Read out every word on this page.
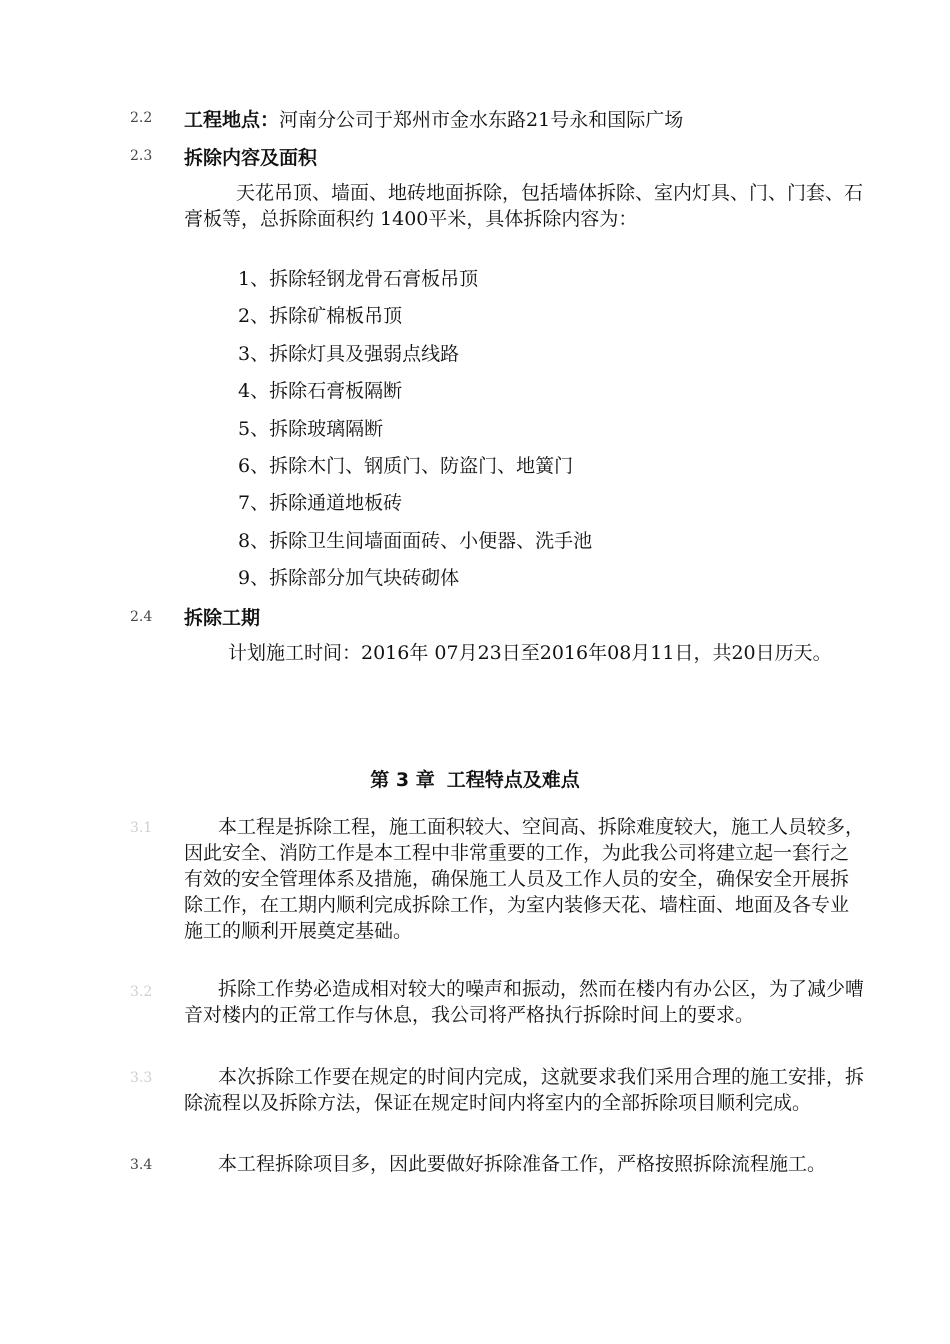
2.2 工程地点：河南分公司于郑州市金水东路21号永和国际广场
2.3 拆除内容及面积
天花吊顶、墙面、地砖地面拆除，包括墙体拆除、室内灯具、门、门套、石膏板等，总拆除面积约 1400平米，具体拆除内容为：
1、拆除轻钢龙骨石膏板吊顶
2、拆除矿棉板吊顶
3、拆除灯具及强弱点线路
4、拆除石膏板隔断
5、拆除玻璃隔断
6、拆除木门、钢质门、防盗门、地簧门
7、拆除通道地板砖
8、拆除卫生间墙面面砖、小便器、洗手池
9、拆除部分加气块砖砌体
2.4 拆除工期
计划施工时间：2016年 07月23日至2016年08月11日，共20日历天。
第 3 章 工程特点及难点
3.1	本工程是拆除工程，施工面积较大、空间高、拆除难度较大，施工人员较多，因此安全、消防工作是本工程中非常重要的工作，为此我公司将建立起一套行之有效的安全管理体系及措施，确保施工人员及工作人员的安全，确保安全开展拆除工作，在工期内顺利完成拆除工作，为室内装修天花、墙柱面、地面及各专业施工的顺利开展奠定基础。
3.2	拆除工作势必造成相对较大的噪声和振动，然而在楼内有办公区，为了减少嘈音对楼内的正常工作与休息，我公司将严格执行拆除时间上的要求。
3.3	本次拆除工作要在规定的时间内完成，这就要求我们采用合理的施工安排，拆除流程以及拆除方法，保证在规定时间内将室内的全部拆除项目顺利完成。
3.4	本工程拆除项目多，因此要做好拆除准备工作，严格按照拆除流程施工。
